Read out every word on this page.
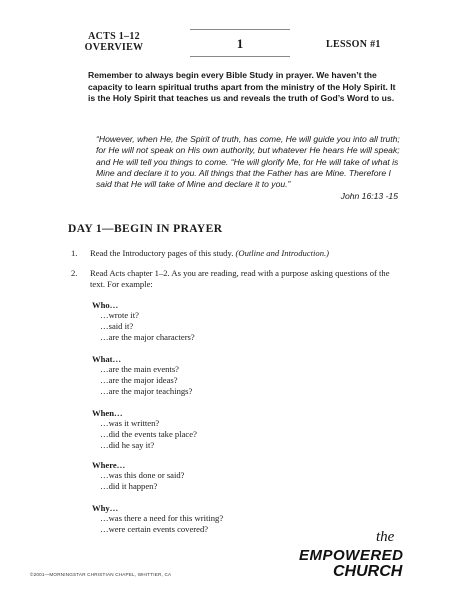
ACTS 1–12
OVERVIEW	1	LESSON #1
Remember to always begin every Bible Study in prayer. We haven’t the capacity to learn spiritual truths apart from the ministry of the Holy Spirit. It is the Holy Spirit that teaches us and reveals the truth of God’s Word to us.
“However, when He, the Spirit of truth, has come, He will guide you into all truth; for He will not speak on His own authority, but whatever He hears He will speak; and He will tell you things to come. “He will glorify Me, for He will take of what is Mine and declare it to you. All things that the Father has are Mine. Therefore I said that He will take of Mine and declare it to you.”
John 16:13 -15
DAY 1—BEGIN IN PRAYER
1. Read the Introductory pages of this study. (Outline and Introduction.)
2. Read Acts chapter 1–2. As you are reading, read with a purpose asking questions of the text. For example:
Who…
…wrote it?
…said it?
…are the major characters?
What…
…are the main events?
…are the major ideas?
…are the major teachings?
When…
…was it written?
…did the events take place?
…did he say it?
Where…
…was this done or said?
…did it happen?
Why…
…was there a need for this writing?
…were certain events covered?	the
EMPOWERED
CHURCH
©2001—MORNINGSTAR CHRISTIAN CHAPEL, WHITTIER, CA
